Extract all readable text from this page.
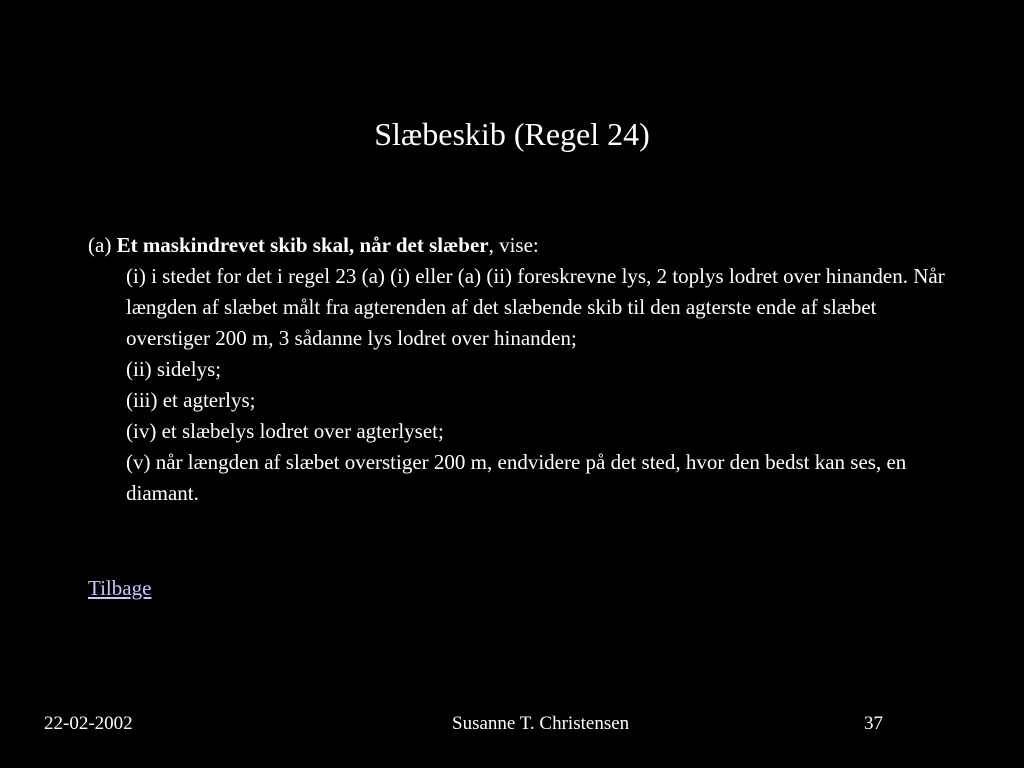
Slæbeskib (Regel 24)
(a) Et maskindrevet skib skal, når det slæber, vise:
(i) i stedet for det i regel 23 (a) (i) eller (a) (ii) foreskrevne lys, 2 toplys lodret over hinanden. Når længden af slæbet målt fra agterenden af det slæbende skib til den agterste ende af slæbet overstiger 200 m, 3 sådanne lys lodret over hinanden;
(ii) sidelys;
(iii) et agterlys;
(iv) et slæbelys lodret over agterlyset;
(v) når længden af slæbet overstiger 200 m, endvidere på det sted, hvor den bedst kan ses, en diamant.
Tilbage
22-02-2002	Susanne T. Christensen	37
